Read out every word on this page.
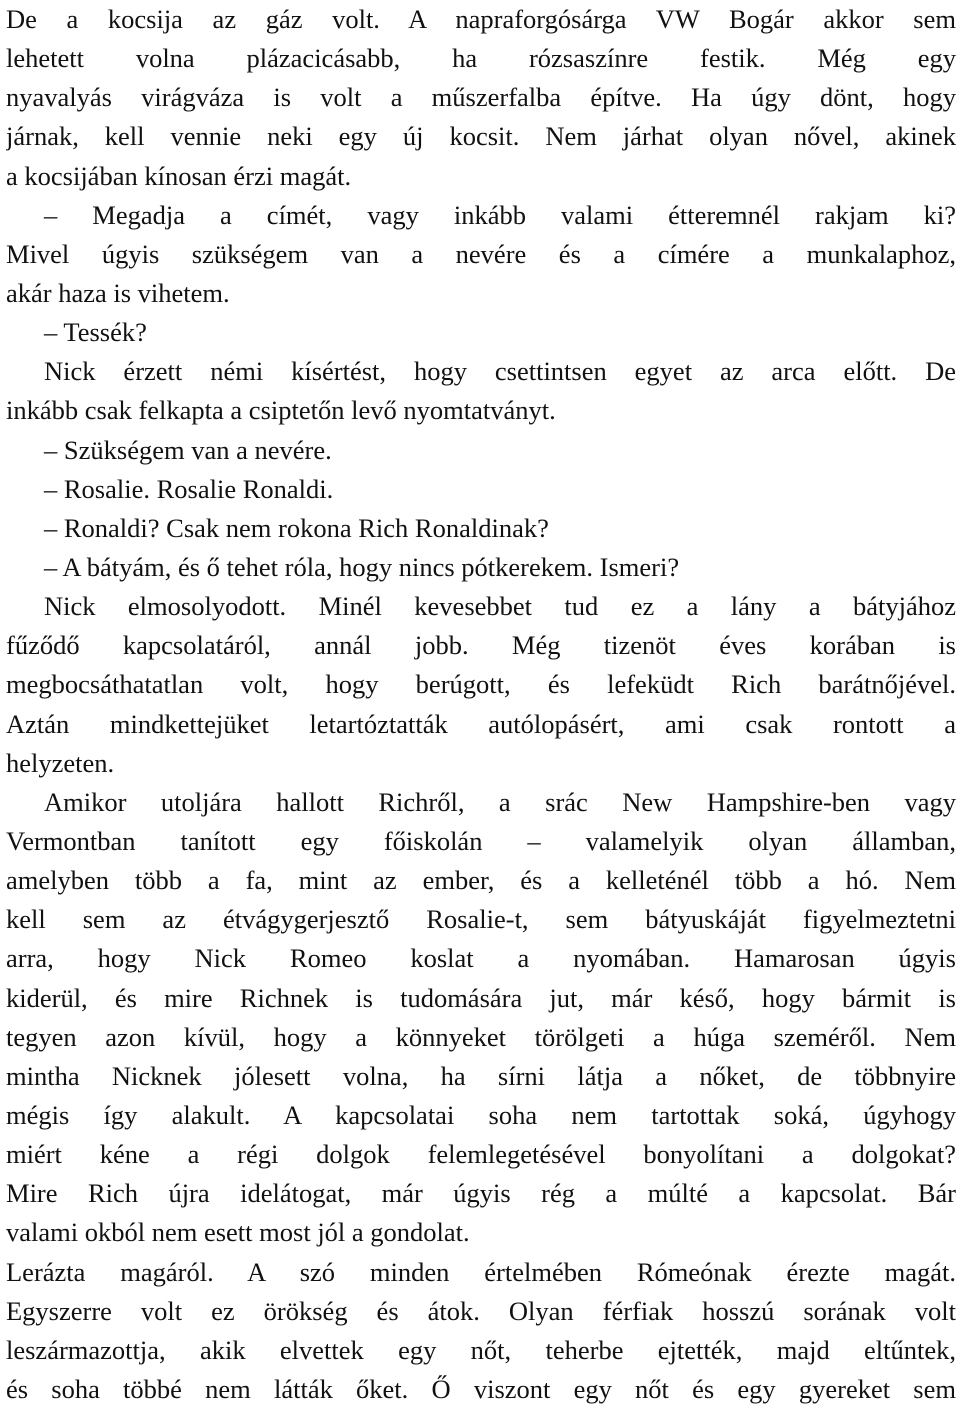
De a kocsija az gáz volt. A napraforgósárga VW Bogár akkor sem
lehetett volna plázacicásabb, ha rózsaszínre festik. Még egy
nyavalyás virágváza is volt a műszerfalba építve. Ha úgy dönt, hogy
járnak, kell vennie neki egy új kocsit. Nem járhat olyan nővel, akinek
a kocsijában kínosan érzi magát.
– Megadja a címét, vagy inkább valami étteremnél rakjam ki?
Mivel úgyis szükségem van a nevére és a címére a munkalaphoz,
akár haza is vihetem.
– Tessék?
Nick érzett némi kísértést, hogy csettintsen egyet az arca előtt. De
inkább csak felkapta a csiptetőn levő nyomtatványt.
– Szükségem van a nevére.
– Rosalie. Rosalie Ronaldi.
– Ronaldi? Csak nem rokona Rich Ronaldinak?
– A bátyám, és ő tehet róla, hogy nincs pótkerekem. Ismeri?
Nick elmosolyodott. Minél kevesebbet tud ez a lány a bátyjához
fűződő kapcsolatáról, annál jobb. Még tizenöt éves korában is
megbocsáthatatlan volt, hogy berúgott, és lefeküdt Rich barátnőjével.
Aztán mindkettejüket letartóztatták autólopásért, ami csak rontott a
helyzeten.
Amikor utoljára hallott Richről, a srác New Hampshire-ben vagy
Vermontban tanított egy főiskolán – valamelyik olyan államban,
amelyben több a fa, mint az ember, és a kelleténél több a hó. Nem
kell sem az étvágygerjesztő Rosalie-t, sem bátyuskáját figyelmeztetni
arra, hogy Nick Romeo koslat a nyomában. Hamarosan úgyis
kiderül, és mire Richnek is tudomására jut, már késő, hogy bármit is
tegyen azon kívül, hogy a könnyeket törölgeti a húga szeméről. Nem
mintha Nicknek jólesett volna, ha sírni látja a nőket, de többnyire
mégis így alakult. A kapcsolatai soha nem tartottak soká, úgyhogy
miért kéne a régi dolgok felemlegetésével bonyolítani a dolgokat?
Mire Rich újra idelátogat, már úgyis rég a múlté a kapcsolat. Bár
valami okból nem esett most jól a gondolat.
Lerázta magáról. A szó minden értelmében Rómeónak érezte magát.
Egyszerre volt ez örökség és átok. Olyan férfiak hosszú sorának volt
leszármazottja, akik elvettek egy nőt, teherbe ejtették, majd eltűntek,
és soha többé nem látták őket. Ő viszont egy nőt és egy gyereket sem
